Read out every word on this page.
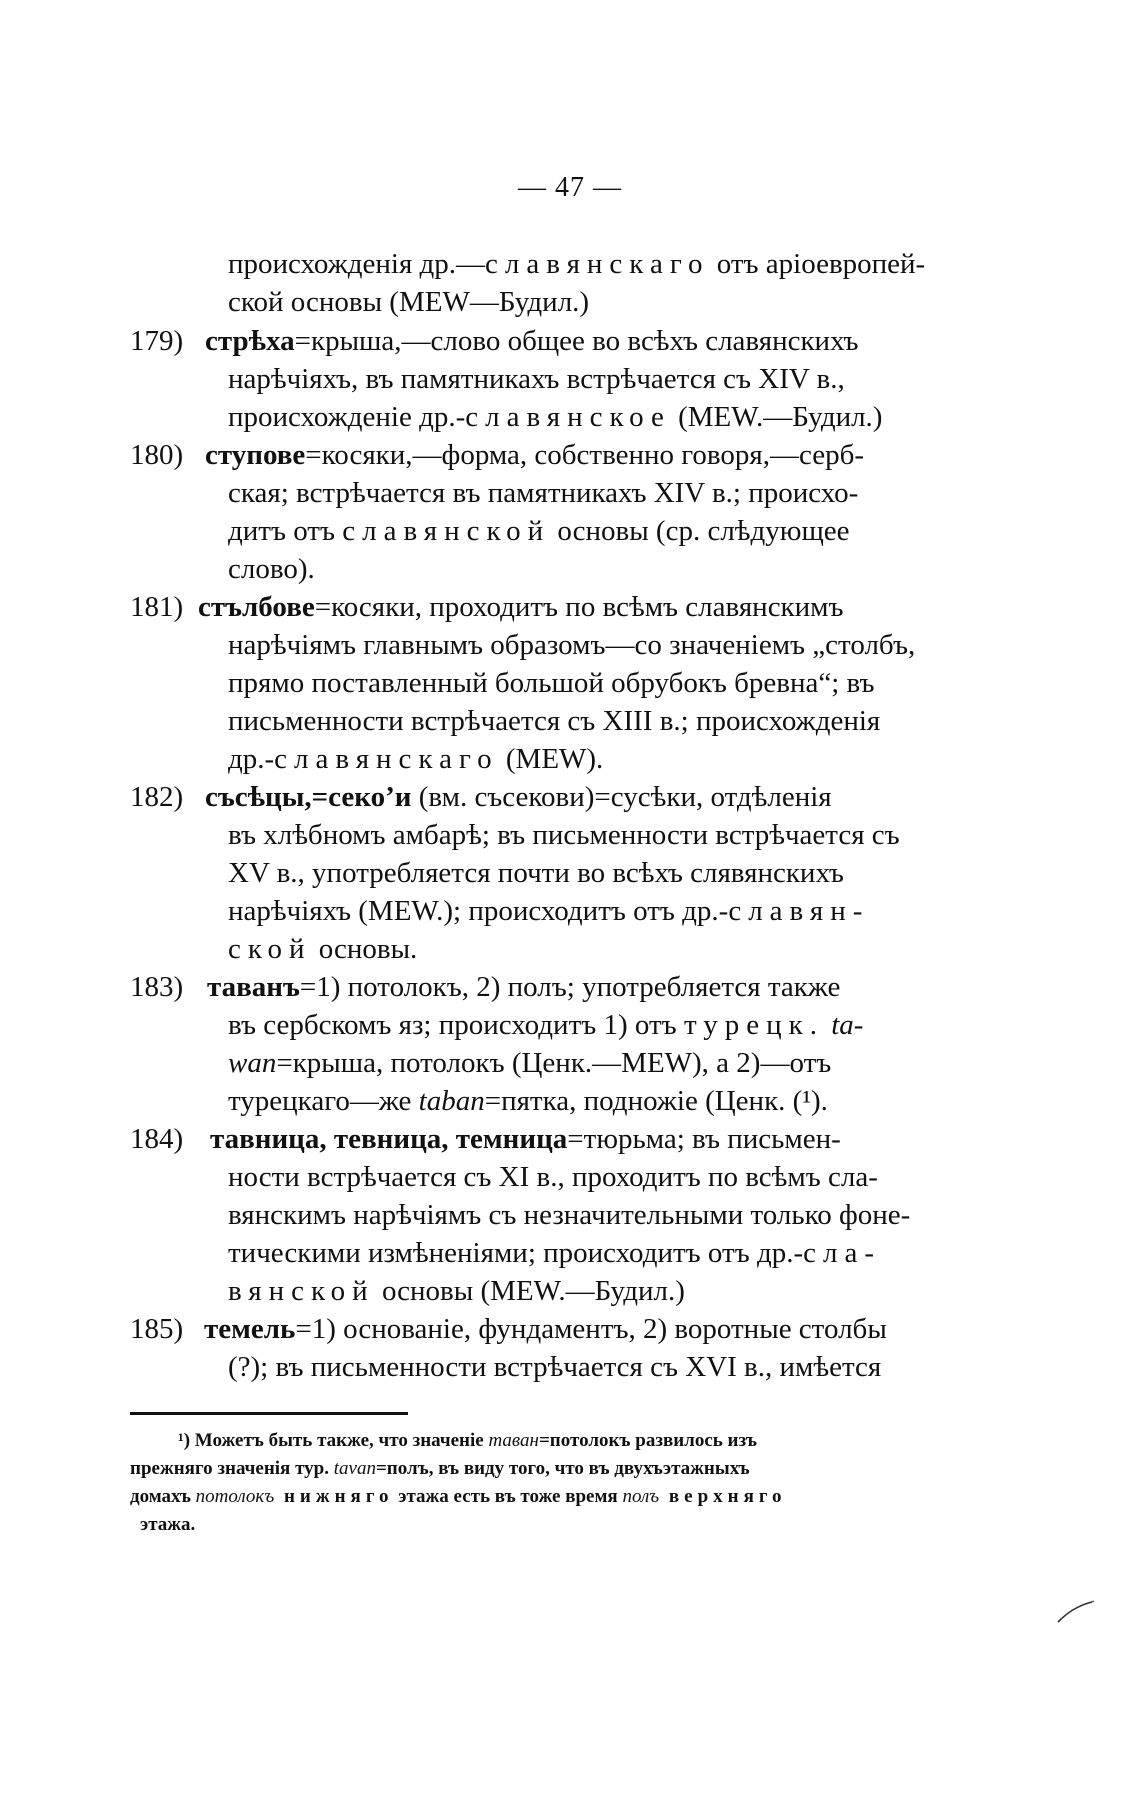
— 47 —
происхожденія др.—славянскаго отъ аріоевропей-
ской основы (MEW—Будил.)
179) стрѣха=крыша,—слово общее во всѣхъ славянскихъ
нарѣчіяхъ, въ памятникахъ встрѣчается съ XIV в.,
происхожденіе др.-славянское (MEW.—Будил.)
180) ступове=косяки,—форма, собственно говоря,—серб-
ская; встрѣчается въ памятникахъ XIV в.; происхо-
дитъ отъ славянской основы (ср. слѣдующее
слово).
181) стълбове=косяки, проходитъ по всѣмъ славянскимъ
нарѣчіямъ главнымъ образомъ—со значеніемъ „столбъ,
прямо поставленный большой обрубокъ бревна“; въ
письменности встрѣчается съ XIII в.; происхожденія
др.-славянскаго (MEW).
182) съсѣцы,=секо’и (вм. съсекови)=сусѣки, отдѣленія
въ хлѣбномъ амбарѣ; въ письменности встрѣчается съ
XV в., употребляется почти во всѣхъ слявянскихъ
нарѣчіяхъ (MEW.); происходитъ отъ др.-славян-
ской основы.
183) таванъ=1) потолокъ, 2) полъ; употребляется также
въ сербскомъ яз; происходитъ 1) отъ турецк. ta-
wan=крыша, потолокъ (Ценк.—MEW), а 2)—отъ
турецкаго—же taban=пятка, подножіе (Ценк. (¹).
184) тавница, тевница, темница=тюрьма; въ письмен-
ности встрѣчается съ XI в., проходитъ по всѣмъ сла-
вянскимъ нарѣчіямъ съ незначительными только фоне-
тическими измѣненіями; происходитъ отъ др.-сла-
вянской основы (MEW.—Будил.)
185) темель=1) основаніе, фундаментъ, 2) воротные столбы
(?); въ письменности встрѣчается съ XVI в., имѣется
¹) Можетъ быть также, что значеніе таван=потолокъ развилось изъ
прежняго значенія тур. tavan=полъ, въ виду того, что въ двухъэтажныхъ
домахъ потолокъ нижняго этажа есть въ тоже время полъ верхняго
этажа.
